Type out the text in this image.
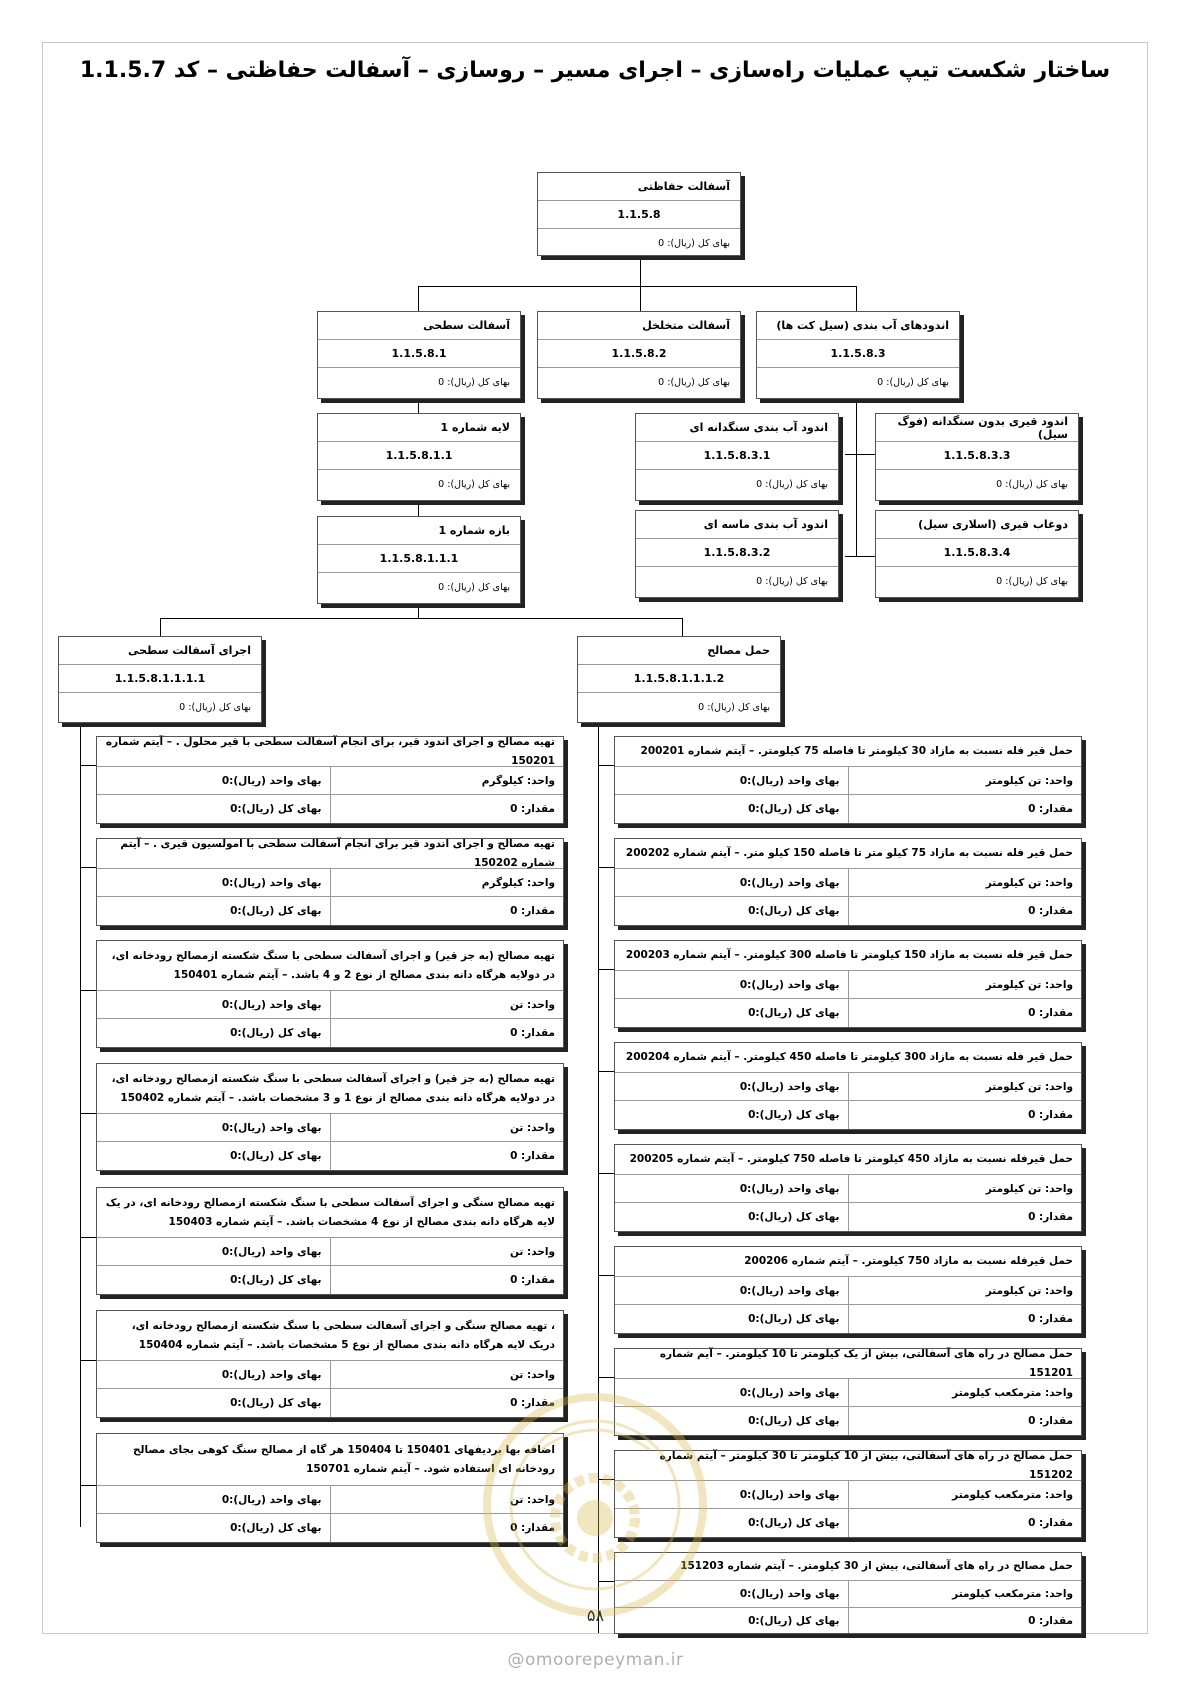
ساختار شکست تیپ عملیات راه‌سازی – اجرای مسیر – روسازی – آسفالت حفاظتی – کد 1.1.5.7
آسفالت حفاظتی
1.1.5.8
بهای کل (ریال): 0
آسفالت سطحی
1.1.5.8.1
بهای کل (ریال): 0
آسفالت متخلخل
1.1.5.8.2
بهای کل (ریال): 0
اندودهای آب بندی (سیل کت ها)
1.1.5.8.3
بهای کل (ریال): 0
لایه شماره 1
1.1.5.8.1.1
بهای کل (ریال): 0
بازه شماره 1
1.1.5.8.1.1.1
بهای کل (ریال): 0
اندود آب بندی سنگدانه ای
1.1.5.8.3.1
بهای کل (ریال): 0
اندود آب بندی ماسه ای
1.1.5.8.3.2
بهای کل (ریال): 0
اندود قیری بدون سنگدانه (فوگ سیل)
1.1.5.8.3.3
بهای کل (ریال): 0
دوغاب قیری (اسلاری سیل)
1.1.5.8.3.4
بهای کل (ریال): 0
اجرای آسفالت سطحی
1.1.5.8.1.1.1.1
بهای کل (ریال): 0
حمل مصالح
1.1.5.8.1.1.1.2
بهای کل (ریال): 0
تهیه مصالح و اجرای اندود قیر، برای انجام آسفالت سطحی با قیر محلول . – آیتم شماره 150201
واحد: کیلوگرم
بهای واحد (ریال):0
مقدار: 0
بهای کل (ریال):0
تهیه مصالح و اجرای اندود قیر برای انجام آسفالت سطحی با امولسیون قیری . – آیتم شماره 150202
واحد: کیلوگرم
بهای واحد (ریال):0
مقدار: 0
بهای کل (ریال):0
تهیه مصالح (به جز قیر) و اجرای آسفالت سطحی با سنگ شکسته ازمصالح رودخانه ای، در دولایه هرگاه دانه بندی مصالح از نوع 2 و 4 باشد. – آیتم شماره 150401
واحد: تن
بهای واحد (ریال):0
مقدار: 0
بهای کل (ریال):0
تهیه مصالح (به جز قیر) و اجرای آسفالت سطحی با سنگ شکسته ازمصالح رودخانه ای، در دولایه هرگاه دانه بندی مصالح از نوع 1 و 3 مشخصات باشد. – آیتم شماره 150402
واحد: تن
بهای واحد (ریال):0
مقدار: 0
بهای کل (ریال):0
تهیه مصالح سنگی و اجرای آسفالت سطحی با سنگ شکسته ازمصالح رودخانه ای، در یک لایه هرگاه دانه بندی مصالح از نوع 4 مشخصات باشد. – آیتم شماره 150403
واحد: تن
بهای واحد (ریال):0
مقدار: 0
بهای کل (ریال):0
، تهیه مصالح سنگی و اجرای آسفالت سطحی با سنگ شکسته ازمصالح رودخانه ای، دریک لایه هرگاه دانه بندی مصالح از نوع 5 مشخصات باشد. – آیتم شماره 150404
واحد: تن
بهای واحد (ریال):0
مقدار: 0
بهای کل (ریال):0
اضافه بها برديفهای 150401 تا 150404 هر گاه از مصالح سنگ کوهی بجای مصالح رودخانه ای استفاده شود. – آیتم شماره 150701
واحد: تن
بهای واحد (ریال):0
مقدار: 0
بهای کل (ریال):0
حمل قیر فله نسبت به مازاد 30 کیلومتر تا فاصله 75 کیلومتر. – آیتم شماره 200201
واحد: تن کیلومتر
بهای واحد (ریال):0
مقدار: 0
بهای کل (ریال):0
حمل قیر فله نسبت به مازاد 75 کیلو متر تا فاصله 150 کیلو متر. – آیتم شماره 200202
واحد: تن کیلومتر
بهای واحد (ریال):0
مقدار: 0
بهای کل (ریال):0
حمل قیر فله نسبت به مازاد 150 کیلومتر تا فاصله 300 کیلومتر. – آیتم شماره 200203
واحد: تن کیلومتر
بهای واحد (ریال):0
مقدار: 0
بهای کل (ریال):0
حمل قیر فله نسبت به مازاد 300 کیلومتر تا فاصله 450 کیلومتر. – آیتم شماره 200204
واحد: تن کیلومتر
بهای واحد (ریال):0
مقدار: 0
بهای کل (ریال):0
حمل قیرفله نسبت به مازاد 450 کیلومتر تا فاصله 750 کیلومتر. – آیتم شماره 200205
واحد: تن کیلومتر
بهای واحد (ریال):0
مقدار: 0
بهای کل (ریال):0
حمل قیرفله نسبت به مازاد 750 کیلومتر. – آیتم شماره 200206
واحد: تن کیلومتر
بهای واحد (ریال):0
مقدار: 0
بهای کل (ریال):0
حمل مصالح در راه های آسفالتی، بیش از یک کیلومتر تا 10 کیلومتر. – آیم شماره 151201
واحد: مترمکعب کیلومتر
بهای واحد (ریال):0
مقدار: 0
بهای کل (ریال):0
حمل مصالح در راه های آسفالتی، بیش از 10 کیلومتر تا 30 کیلومتر – آیتم شماره 151202
واحد: مترمکعب کیلومتر
بهای واحد (ریال):0
مقدار: 0
بهای کل (ریال):0
حمل مصالح در راه های آسفالتی، بیش از 30 کیلومتر. – آیتم شماره 151203
واحد: مترمکعب کیلومتر
بهای واحد (ریال):0
مقدار: 0
بهای کل (ریال):0
۵۸
@omoorepeyman.ir
